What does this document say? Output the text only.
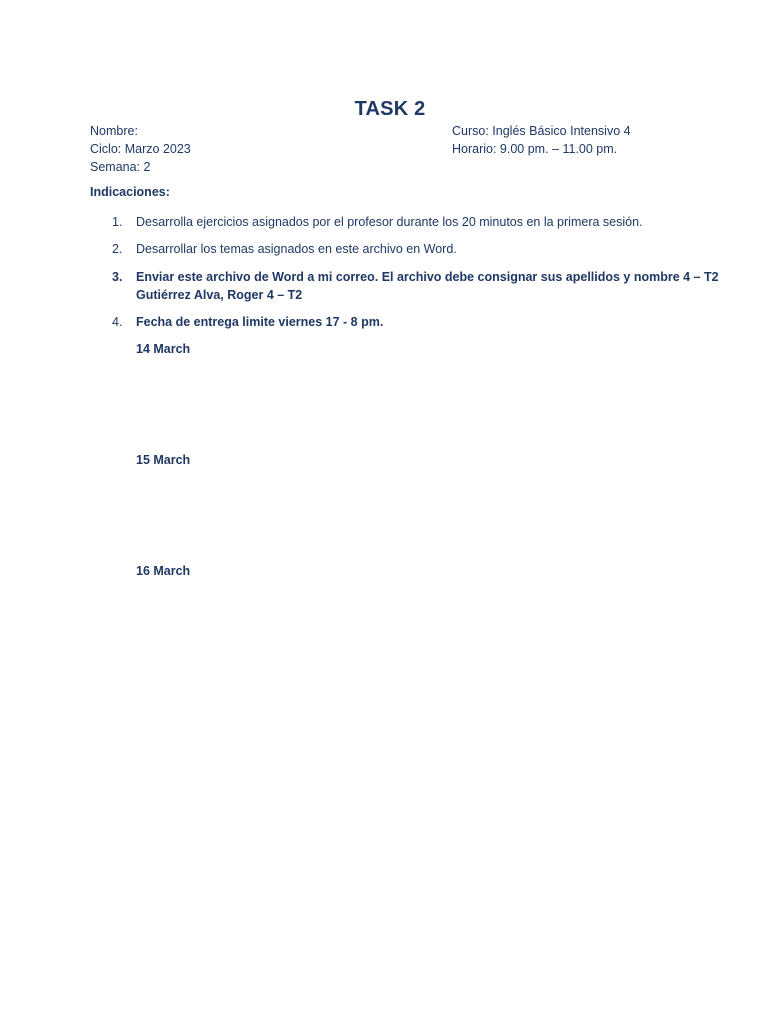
TASK 2
Nombre:
Ciclo: Marzo 2023
Semana: 2
Curso: Inglés Básico Intensivo 4
Horario: 9.00 pm. – 11.00 pm.
Indicaciones:
1.	Desarrolla ejercicios asignados por el profesor durante los 20 minutos en la primera sesión.
2.	Desarrollar los temas asignados en este archivo en Word.
3.	Enviar este archivo de Word a mi correo. El archivo debe consignar sus apellidos y nombre 4 – T2
Gutiérrez Alva, Roger 4 – T2
4.	Fecha de entrega limite viernes 17 - 8 pm.
14 March
15 March
16 March
